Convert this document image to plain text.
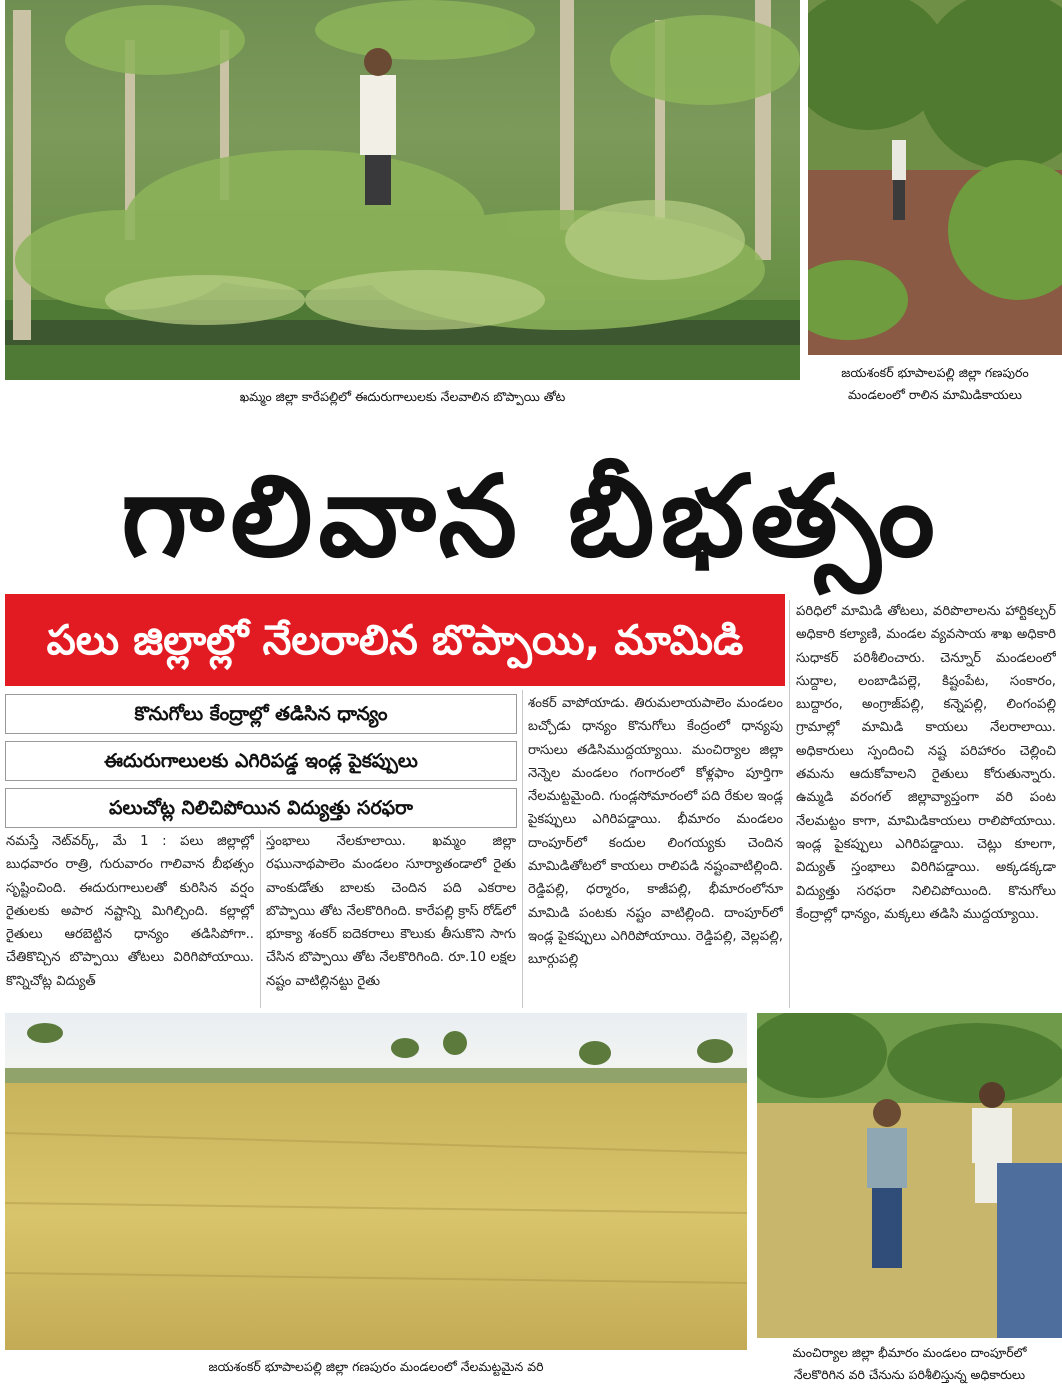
ఖమ్మం జిల్లా కారేపల్లిలో ఈదురుగాలులకు నేలవాలిన బొప్పాయి తోట
జయశంకర్ భూపాలపల్లి జిల్లా గణపురం
మండలంలో రాలిన మామిడికాయలు
గాలివాన బీభత్సం
పలు జిల్లాల్లో నేలరాలిన బొప్పాయి, మామిడి
కొనుగోలు కేంద్రాల్లో తడిసిన ధాన్యం
ఈదురుగాలులకు ఎగిరిపడ్డ ఇండ్ల పైకప్పులు
పలుచోట్ల నిలిచిపోయిన విద్యుత్తు సరఫరా

నమస్తే నెట్‌వర్క్‌, మే 1 : పలు జిల్లాల్లో బుధవారం రాత్రి, గురువారం గాలివాన బీభత్సం సృష్టించింది. ఈదురుగాలులతో కురిసిన వర్షం రైతులకు అపార నష్టాన్ని మిగిల్చింది. కల్లాల్లో రైతులు ఆరబెట్టిన ధాన్యం తడిసిపోగా.. చేతికొచ్చిన బొప్పాయి తోటలు విరిగిపోయాయి. కొన్నిచోట్ల విద్యుత్‌

స్తంభాలు నేలకూలాయి. ఖమ్మం జిల్లా రఘునాథపాలెం మండలం సూర్యాతండాలో రైతు వాంకుడోతు బాలకు చెందిన పది ఎకరాల బొప్పాయి తోట నేలకొరిగింది. కారేపల్లి క్రాస్‌ రోడ్‌లో భూక్యా శంకర్‌ ఐదెకరాలు కౌలుకు తీసుకొని సాగు చేసిన బొప్పాయి తోట నేలకొరిగింది. రూ.10 లక్షల నష్టం వాటిల్లినట్టు రైతు

శంకర్‌ వాపోయాడు. తిరుమలాయపాలెం మండలం బచ్చోడు ధాన్యం కొనుగోలు కేంద్రంలో ధాన్యపు రాసులు తడిసిముద్దయ్యాయి. మంచిర్యాల జిల్లా నెన్నెల మండలం గంగారంలో కోళ్లఫాం పూర్తిగా నేలమట్టమైంది. గుండ్లసోమారంలో పది రేకుల ఇండ్ల పైకప్పులు ఎగిరిపడ్డాయి. భీమారం మండలం దాంపూర్‌లో కందుల లింగయ్యకు చెందిన మామిడితోటలో కాయలు రాలిపడి నష్టంవాటిల్లింది. రెడ్డిపల్లి, ధర్మారం, కాజీపల్లి, భీమారంలోనూ మామిడి పంటకు నష్టం వాటిల్లింది. దాంపూర్‌లో ఇండ్ల పైకప్పులు ఎగిరిపోయాయి. రెడ్డిపల్లి, వెల్లపల్లి, బూర్గుపల్లి

పరిధిలో మామిడి తోటలు, వరిపొలాలను హార్టికల్చర్‌ అధికారి కల్యాణి, మండల వ్యవసాయ శాఖ అధికారి సుధాకర్‌ పరిశీలించారు. చెన్నూర్‌ మండలంలో సుద్దాల, లంబాడిపల్లె, కిష్టంపేట, సంకారం, బుద్దారం, అంగ్రాజ్‌పల్లి, కన్నెపల్లి, లింగంపల్లి గ్రామాల్లో మామిడి కాయలు నేలరాలాయి. అధికారులు స్పందించి నష్ట పరిహారం చెల్లించి తమను ఆదుకోవాలని రైతులు కోరుతున్నారు. ఉమ్మడి వరంగల్‌ జిల్లావ్యాప్తంగా వరి పంట నేలమట్టం కాగా, మామిడికాయలు రాలిపోయాయి. ఇండ్ల పైకప్పులు ఎగిరిపడ్డాయి. చెట్లు కూలగా, విద్యుత్‌ స్తంభాలు విరిగిపడ్డాయి. అక్కడక్కడా విద్యుత్తు సరఫరా నిలిచిపోయింది. కొనుగోలు కేంద్రాల్లో ధాన్యం, మక్కలు తడిసి ముద్దయ్యాయి.

జయశంకర్ భూపాలపల్లి జిల్లా గణపురం మండలంలో నేలమట్టమైన వరి
మంచిర్యాల జిల్లా భీమారం మండలం దాంపూర్‌లో
నేలకొరిగిన వరి చేనును పరిశీలిస్తున్న అధికారులు
